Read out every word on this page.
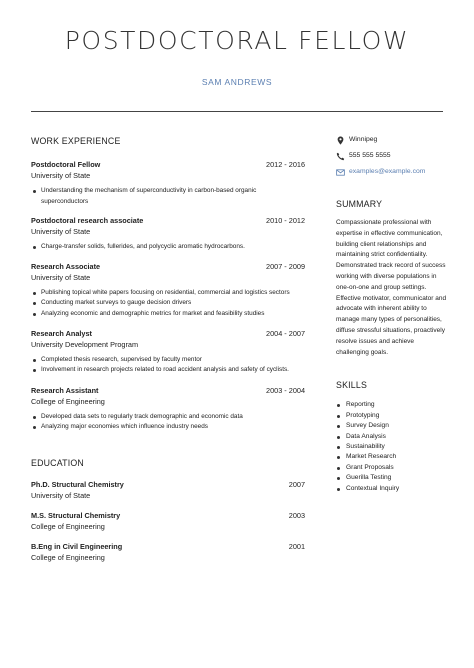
POSTDOCTORAL FELLOW
SAM ANDREWS
WORK EXPERIENCE
Postdoctoral Fellow	2012 - 2016
University of State
Understanding the mechanism of superconductivity in carbon-based organic superconductors
Postdoctoral research associate	2010 - 2012
University of State
Charge-transfer solids, fullerides, and polycyclic aromatic hydrocarbons.
Research Associate	2007 - 2009
University of State
Publishing topical white papers focusing on residential, commercial and logistics sectors
Conducting market surveys to gauge decision drivers
Analyzing economic and demographic metrics for market and feasibility studies
Research Analyst	2004 - 2007
University Development Program
Completed thesis research, supervised by faculty mentor
Involvement in research projects related to road accident analysis and safety of cyclists.
Research Assistant	2003 - 2004
College of Engineering
Developed data sets to regularly track demographic and economic data
Analyzing major economies which influence industry needs
EDUCATION
Ph.D. Structural Chemistry	2007
University of State
M.S. Structural Chemistry	2003
College of Engineering
B.Eng in Civil Engineering	2001
College of Engineering
Winnipeg
555 555 5555
examples@example.com
SUMMARY
Compassionate professional with expertise in effective communication, building client relationships and maintaining strict confidentiality. Demonstrated track record of success working with diverse populations in one-on-one and group settings. Effective motivator, communicator and advocate with inherent ability to manage many types of personalities, diffuse stressful situations, proactively resolve issues and achieve challenging goals.
SKILLS
Reporting
Prototyping
Survey Design
Data Analysis
Sustainability
Market Research
Grant Proposals
Guerilla Testing
Contextual Inquiry
